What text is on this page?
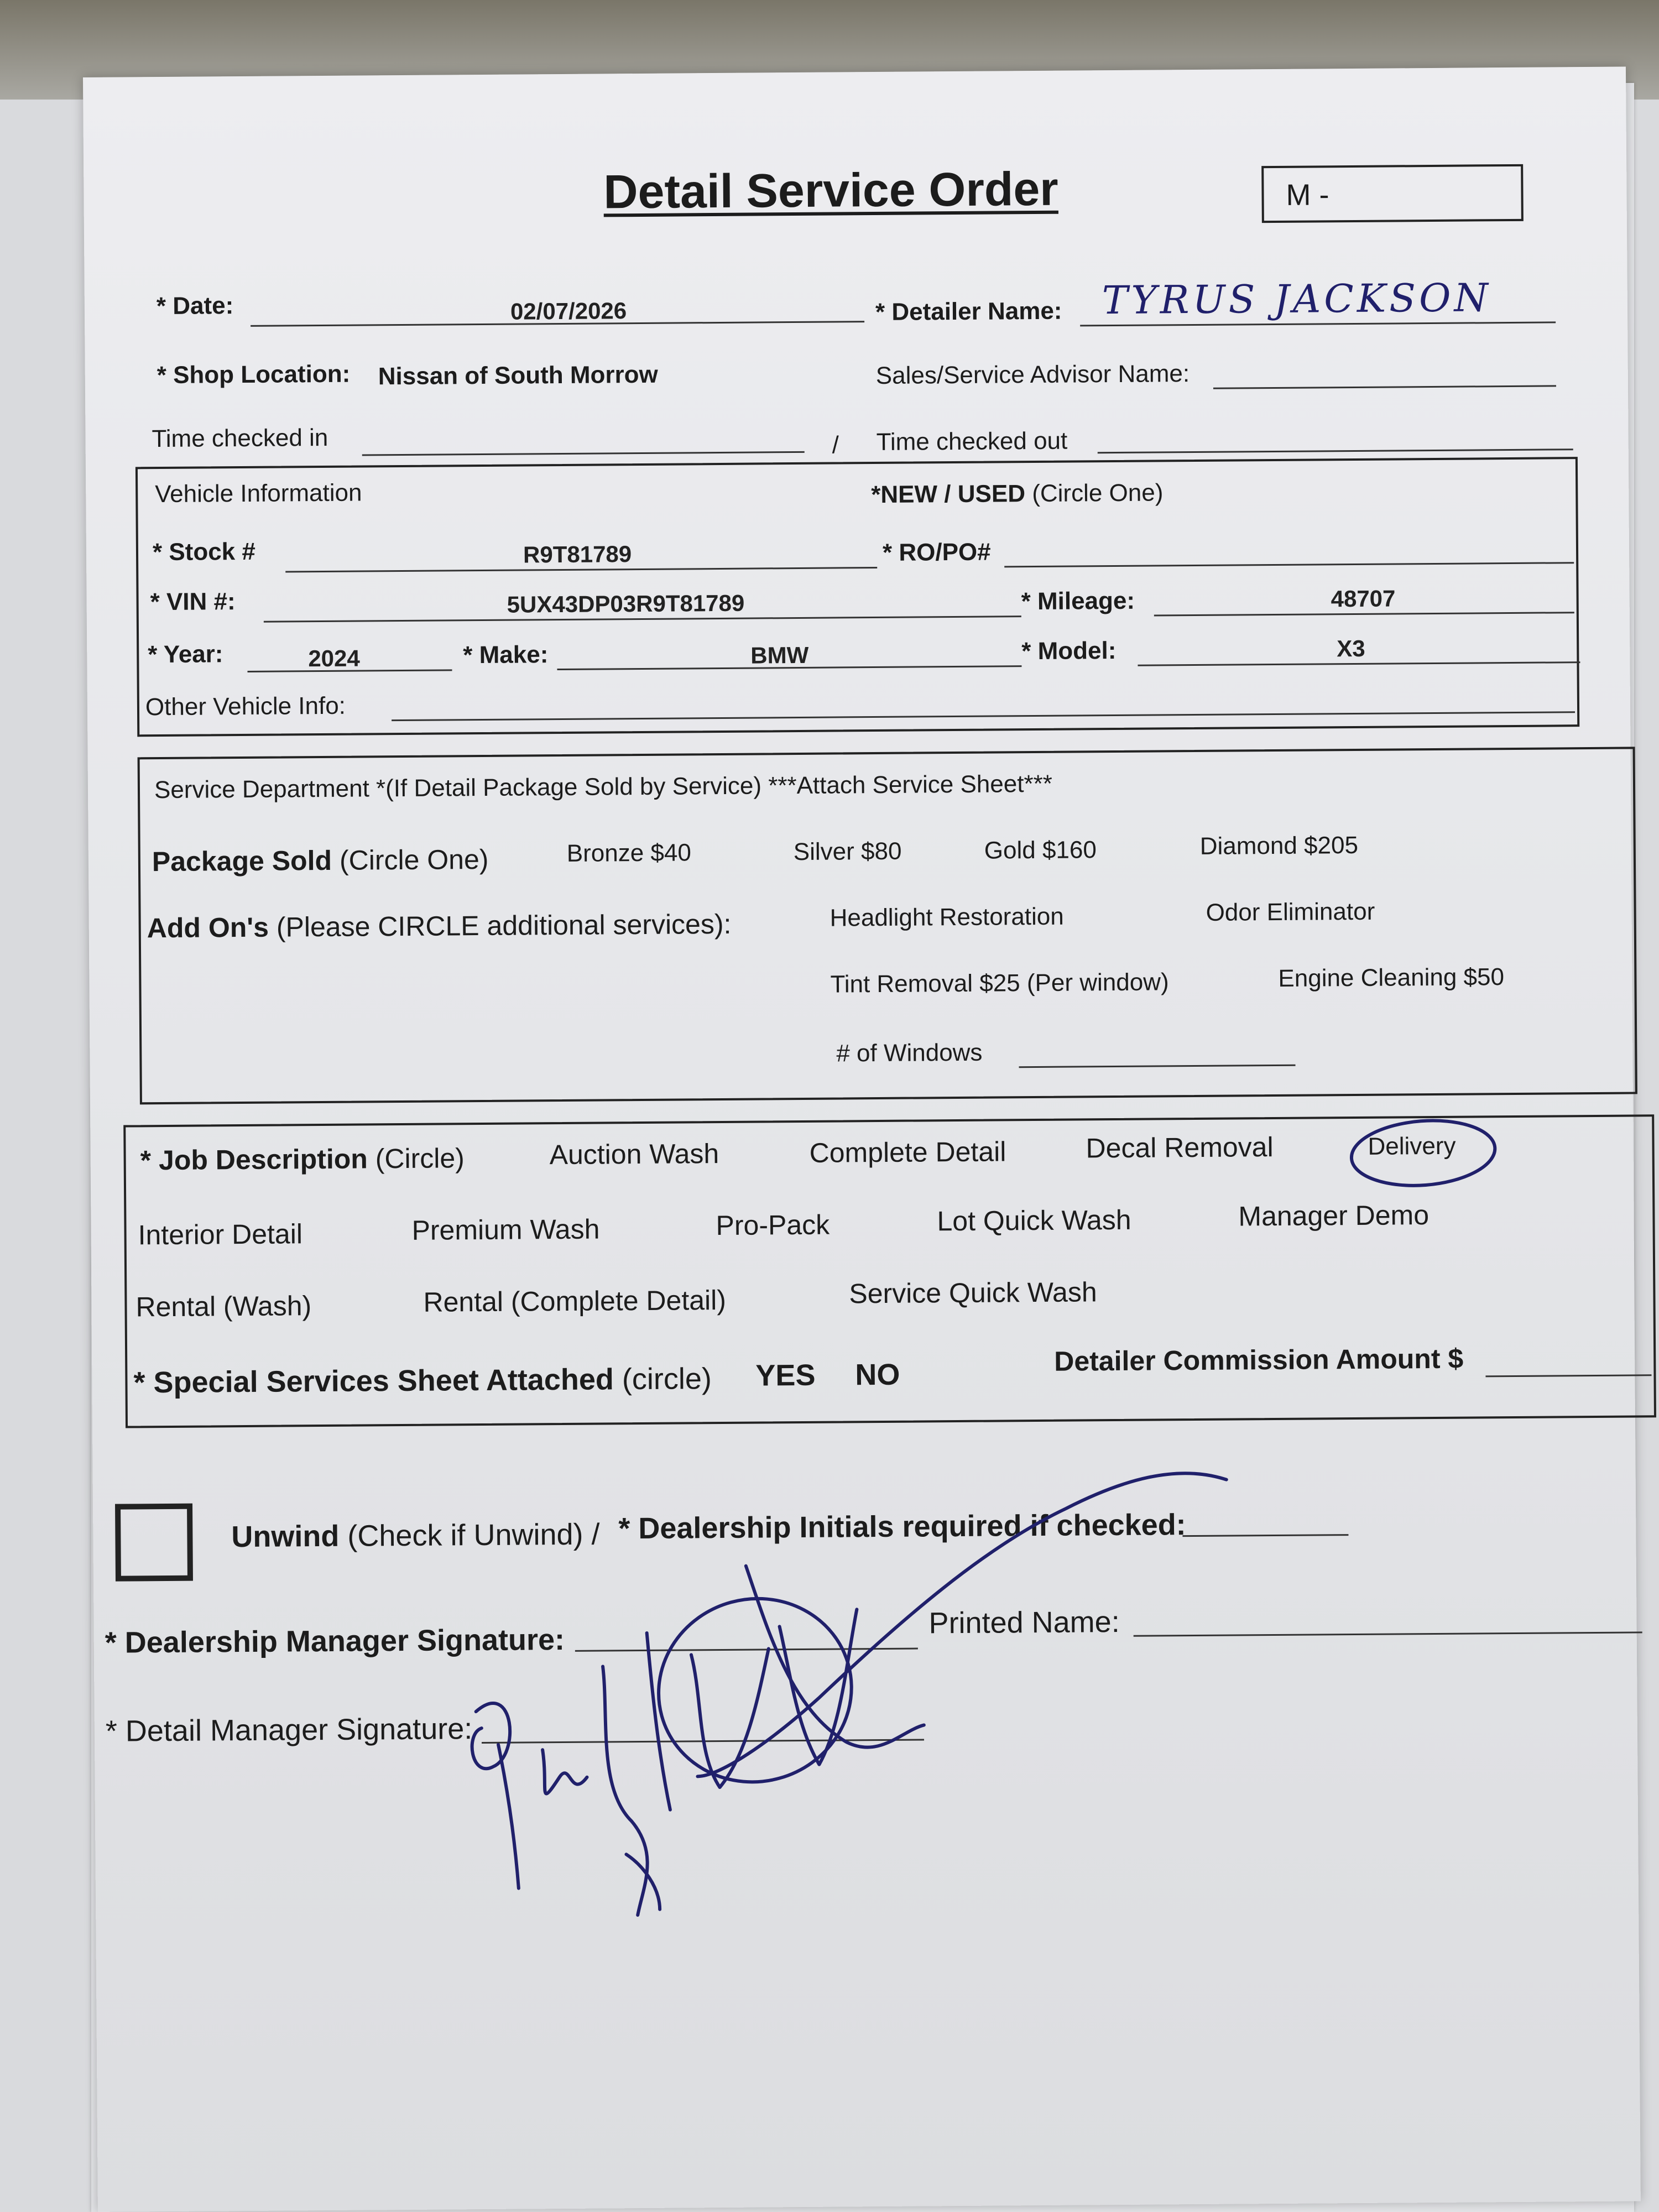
Detail Service Order	M -
* Date:	02/07/2026	* Detailer Name: TYRUS JACKSON
* Shop Location: Nissan of South Morrow	Sales/Service Advisor Name:
Time checked in	/ Time checked out
Vehicle Information	*NEW / USED (Circle One)
* Stock #	R9T81789	* RO/PO#
* VIN #:	5UX43DP03R9T81789	* Mileage:	48707
* Year:	2024	* Make:	BMW	* Model:	X3
Other Vehicle Info:
Service Department *(If Detail Package Sold by Service) ***Attach Service Sheet***
Package Sold (Circle One)	Bronze $40	Silver $80	Gold $160	Diamond $205
Add On's (Please CIRCLE additional services):	Headlight Restoration	Odor Eliminator
Tint Removal $25 (Per window)	Engine Cleaning $50
# of Windows
* Job Description (Circle)	Auction Wash	Complete Detail	Decal Removal	Delivery
Interior Detail	Premium Wash	Pro-Pack	Lot Quick Wash	Manager Demo
Rental (Wash)	Rental (Complete Detail)	Service Quick Wash
* Special Services Sheet Attached (circle) YES NO	Detailer Commission Amount $
Unwind (Check if Unwind) / * Dealership Initials required if checked:
* Dealership Manager Signature:
Printed Name:
* Detail Manager Signature:
